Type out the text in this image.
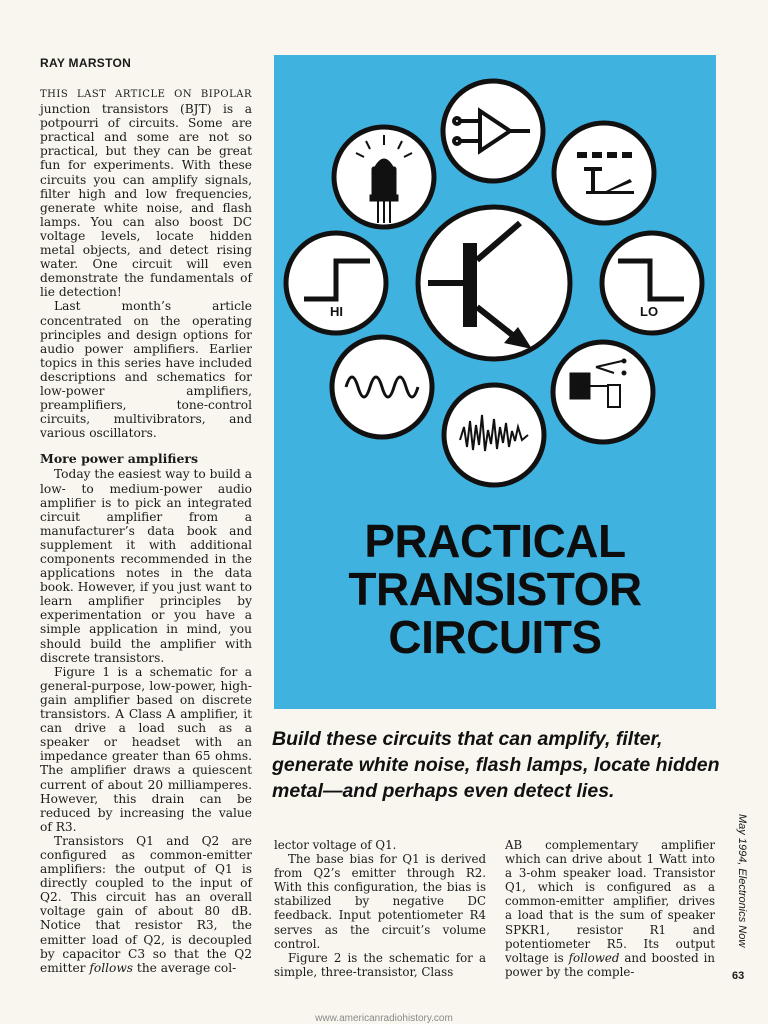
RAY MARSTON

THIS LAST ARTICLE ON BIPOLAR junction transistors (BJT) is a potpourri of circuits. Some are practical and some are not so practical, but they can be great fun for experiments. With these circuits you can amplify signals, filter high and low frequencies, generate white noise, and flash lamps. You can also boost DC voltage levels, locate hidden metal objects, and detect rising water. One circuit will even demonstrate the fundamentals of lie detection!

Last month’s article concentrated on the operating principles and design options for audio power amplifiers. Earlier topics in this series have included descriptions and schematics for low-power amplifiers, preamplifiers, tone-control circuits, multivibrators, and various oscillators.

More power amplifiers

Today the easiest way to build a low- to medium-power audio amplifier is to pick an integrated circuit amplifier from a manufacturer’s data book and supplement it with additional components recommended in the applications notes in the data book. However, if you just want to learn amplifier principles by experimentation or you have a simple application in mind, you should build the amplifier with discrete transistors.

Figure 1 is a schematic for a general-purpose, low-power, high-gain amplifier based on discrete transistors. A Class A amplifier, it can drive a load such as a speaker or headset with an impedance greater than 65 ohms. The amplifier draws a quiescent current of about 20 milliamperes. However, this drain can be reduced by increasing the value of R3.

Transistors Q1 and Q2 are configured as common-emitter amplifiers: the output of Q1 is directly coupled to the input of Q2. This circuit has an overall voltage gain of about 80 dB. Notice that resistor R3, the emitter load of Q2, is decoupled by capacitor C3 so that the Q2 emitter follows the average col-

HI	LO
PRACTICAL
TRANSISTOR
CIRCUITS
Build these circuits that can amplify, filter, generate white noise, flash lamps, locate hidden metal—and perhaps even detect lies.

lector voltage of Q1.

The base bias for Q1 is derived from Q2’s emitter through R2. With this configuration, the bias is stabilized by negative DC feedback. Input potentiometer R4 serves as the circuit’s volume control.

Figure 2 is the schematic for a simple, three-transistor, Class

AB complementary amplifier which can drive about 1 Watt into a 3-ohm speaker load. Transistor Q1, which is configured as a common-emitter amplifier, drives a load that is the sum of speaker SPKR1, resistor R1 and potentiometer R5. Its output voltage is followed and boosted in power by the comple-

May 1994, Electronics Now
63
www.americanradiohistory.com
